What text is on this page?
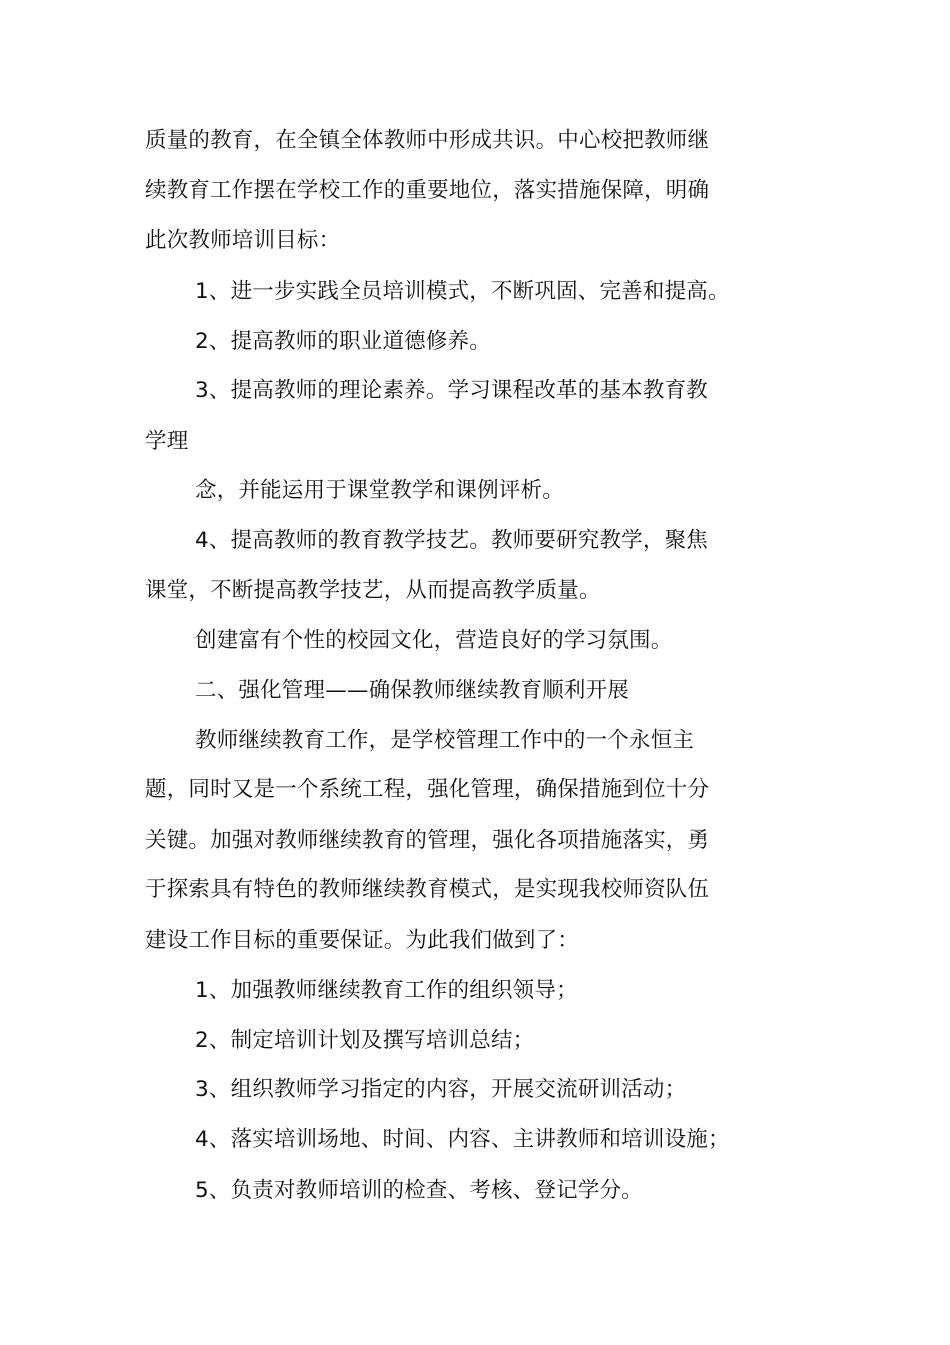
质量的教育，在全镇全体教师中形成共识。中心校把教师继
续教育工作摆在学校工作的重要地位，落实措施保障，明确
此次教师培训目标：
1、进一步实践全员培训模式，不断巩固、完善和提高。
2、提高教师的职业道德修养。
3、提高教师的理论素养。学习课程改革的基本教育教
学理
念，并能运用于课堂教学和课例评析。
4、提高教师的教育教学技艺。教师要研究教学，聚焦
课堂，不断提高教学技艺，从而提高教学质量。
创建富有个性的校园文化，营造良好的学习氛围。
二、强化管理——确保教师继续教育顺利开展
教师继续教育工作，是学校管理工作中的一个永恒主
题，同时又是一个系统工程，强化管理，确保措施到位十分
关键。加强对教师继续教育的管理，强化各项措施落实，勇
于探索具有特色的教师继续教育模式，是实现我校师资队伍
建设工作目标的重要保证。为此我们做到了：
1、加强教师继续教育工作的组织领导；
2、制定培训计划及撰写培训总结；
3、组织教师学习指定的内容，开展交流研训活动；
4、落实培训场地、时间、内容、主讲教师和培训设施；
5、负责对教师培训的检查、考核、登记学分。
